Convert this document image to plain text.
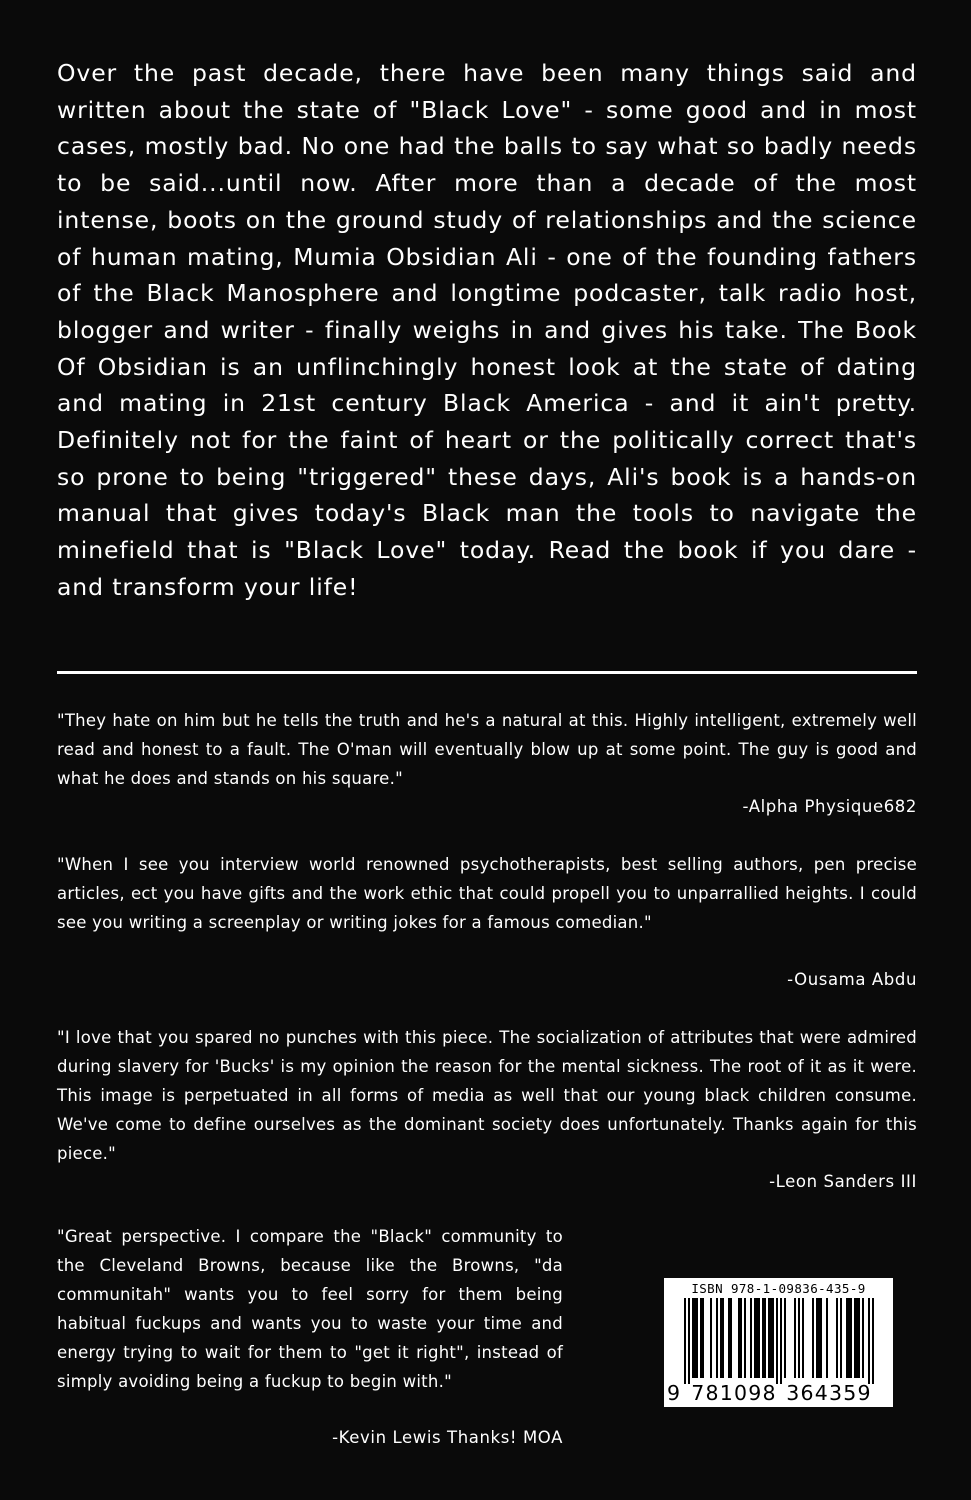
Over the past decade, there have been many things said and written about the state of "Black Love" - some good and in most cases, mostly bad. No one had the balls to say what so badly needs to be said...until now. After more than a decade of the most intense, boots on the ground study of relationships and the science of human mating, Mumia Obsidian Ali - one of the founding fathers of the Black Manosphere and longtime podcaster, talk radio host, blogger and writer - finally weighs in and gives his take. The Book Of Obsidian is an unflinchingly honest look at the state of dating and mating in 21st century Black America - and it ain't pretty. Definitely not for the faint of heart or the politically correct that's so prone to being "triggered" these days, Ali's book is a hands-on manual that gives today's Black man the tools to navigate the minefield that is "Black Love" today. Read the book if you dare - and transform your life!

"They hate on him but he tells the truth and he's a natural at this. Highly intelligent, extremely well read and honest to a fault. The O'man will eventually blow up at some point. The guy is good and what he does and stands on his square."

-Alpha Physique682

"When I see you interview world renowned psychotherapists, best selling authors, pen precise articles, ect you have gifts and the work ethic that could propell you to unparrallied heights. I could see you writing a screenplay or writing jokes for a famous comedian."

-Ousama Abdu

"I love that you spared no punches with this piece. The socialization of attributes that were admired during slavery for 'Bucks' is my opinion the reason for the mental sickness. The root of it as it were. This image is perpetuated in all forms of media as well that our young black children consume. We've come to define ourselves as the dominant society does unfortunately. Thanks again for this piece."

-Leon Sanders III

"Great perspective. I compare the "Black" community to the Cleveland Browns, because like the Browns, "da communitah" wants you to feel sorry for them being habitual fuckups and wants you to waste your time and energy trying to wait for them to "get it right", instead of simply avoiding being a fuckup to begin with."

-Kevin Lewis Thanks! MOA

ISBN 978-1-09836-435-9

9 781098 364359
